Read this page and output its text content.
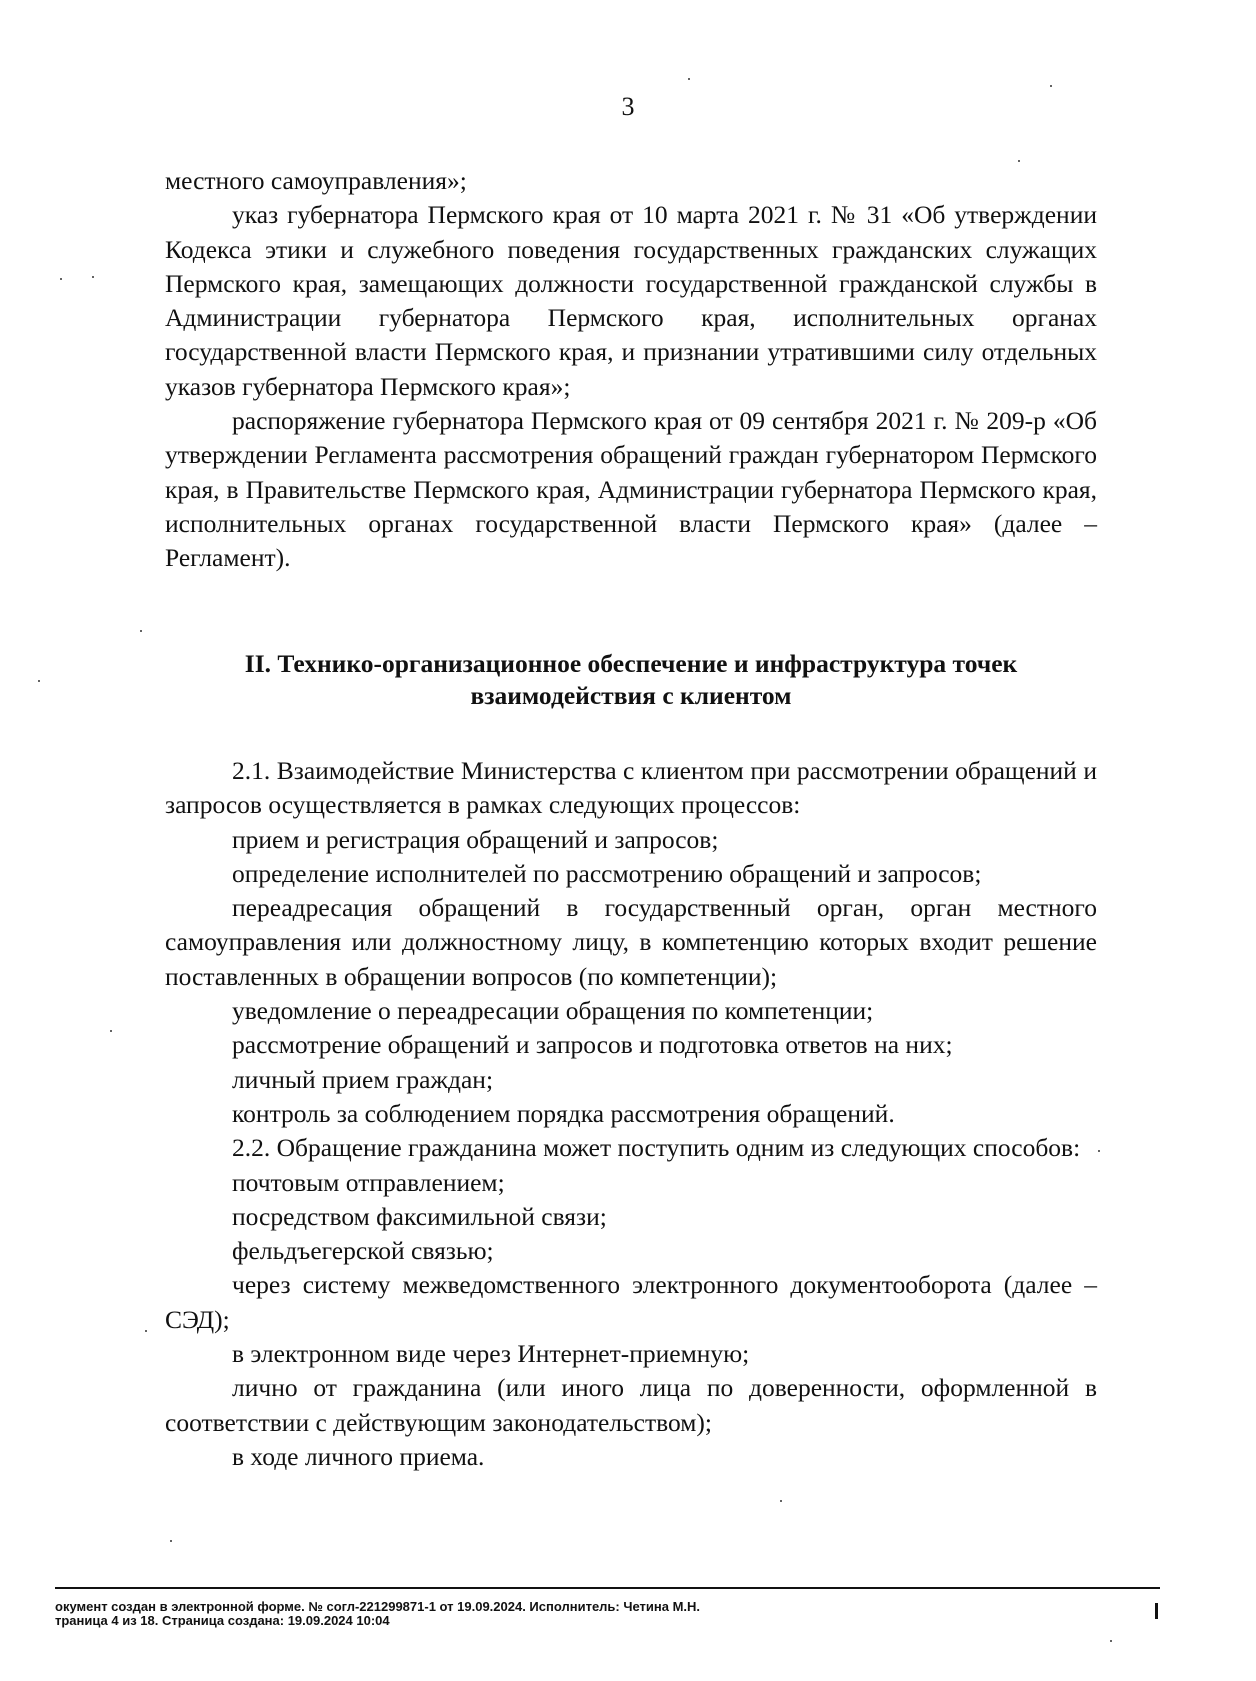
3

местного самоуправления»;

указ губернатора Пермского края от 10 марта 2021 г. № 31 «Об утверждении Кодекса этики и служебного поведения государственных гражданских служащих Пермского края, замещающих должности государственной гражданской службы в Администрации губернатора Пермского края, исполнительных органах государственной власти Пермского края, и признании утратившими силу отдельных указов губернатора Пермского края»;

распоряжение губернатора Пермского края от 09 сентября 2021 г. № 209-р «Об утверждении Регламента рассмотрения обращений граждан губернатором Пермского края, в Правительстве Пермского края, Администрации губернатора Пермского края, исполнительных органах государственной власти Пермского края» (далее – Регламент).

II. Технико-организационное обеспечение и инфраструктура точек
взаимодействия с клиентом

2.1. Взаимодействие Министерства с клиентом при рассмотрении обращений и запросов осуществляется в рамках следующих процессов:

прием и регистрация обращений и запросов;

определение исполнителей по рассмотрению обращений и запросов;

переадресация обращений в государственный орган, орган местного самоуправления или должностному лицу, в компетенцию которых входит решение поставленных в обращении вопросов (по компетенции);

уведомление о переадресации обращения по компетенции;

рассмотрение обращений и запросов и подготовка ответов на них;

личный прием граждан;

контроль за соблюдением порядка рассмотрения обращений.

2.2. Обращение гражданина может поступить одним из следующих способов:

почтовым отправлением;

посредством факсимильной связи;

фельдъегерской связью;

через систему межведомственного электронного документооборота (далее – СЭД);

в электронном виде через Интернет-приемную;

лично от гражданина (или иного лица по доверенности, оформленной в соответствии с действующим законодательством);

в ходе личного приема.

окумент создан в электронной форме. № согл-221299871-1 от 19.09.2024. Исполнитель: Четина М.Н.
траница 4 из 18. Страница создана: 19.09.2024 10:04
